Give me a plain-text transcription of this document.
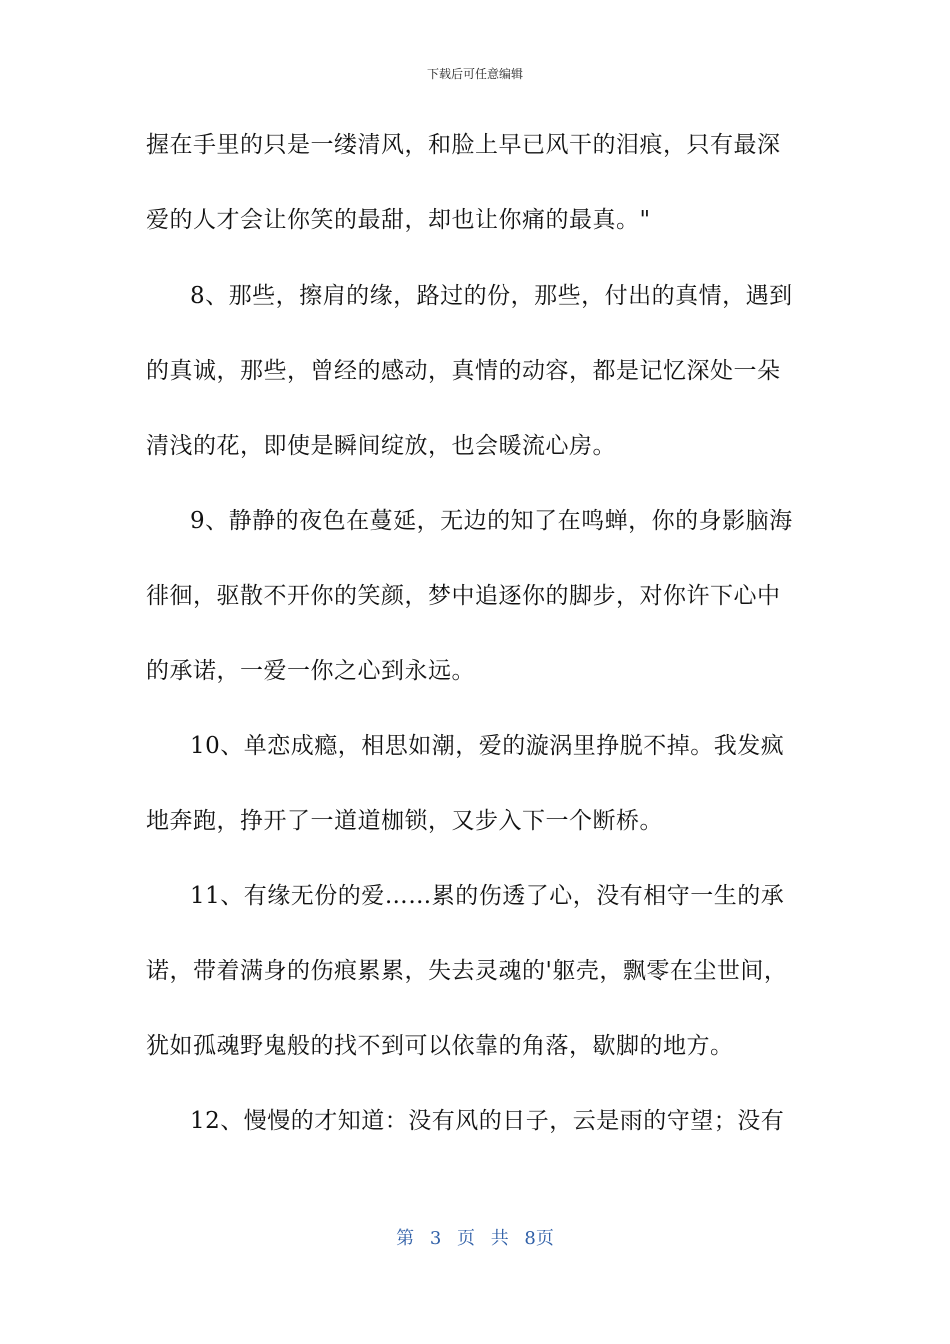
下载后可任意编辑
握在手里的只是一缕清风，和脸上早已风干的泪痕，只有最深
爱的人才会让你笑的最甜，却也让你痛的最真。"
8、那些，擦肩的缘，路过的份，那些，付出的真情，遇到
的真诚，那些，曾经的感动，真情的动容，都是记忆深处一朵
清浅的花，即使是瞬间绽放，也会暖流心房。
9、静静的夜色在蔓延，无边的知了在鸣蝉，你的身影脑海
徘徊，驱散不开你的笑颜，梦中追逐你的脚步，对你许下心中
的承诺，一爱一你之心到永远。
10、单恋成瘾，相思如潮，爱的漩涡里挣脱不掉。我发疯
地奔跑，挣开了一道道枷锁，又步入下一个断桥。
11、有缘无份的爱……累的伤透了心，没有相守一生的承
诺，带着满身的伤痕累累，失去灵魂的'躯壳，飘零在尘世间，
犹如孤魂野鬼般的找不到可以依靠的角落，歇脚的地方。
12、慢慢的才知道：没有风的日子，云是雨的守望；没有
第 3 页 共 8页
